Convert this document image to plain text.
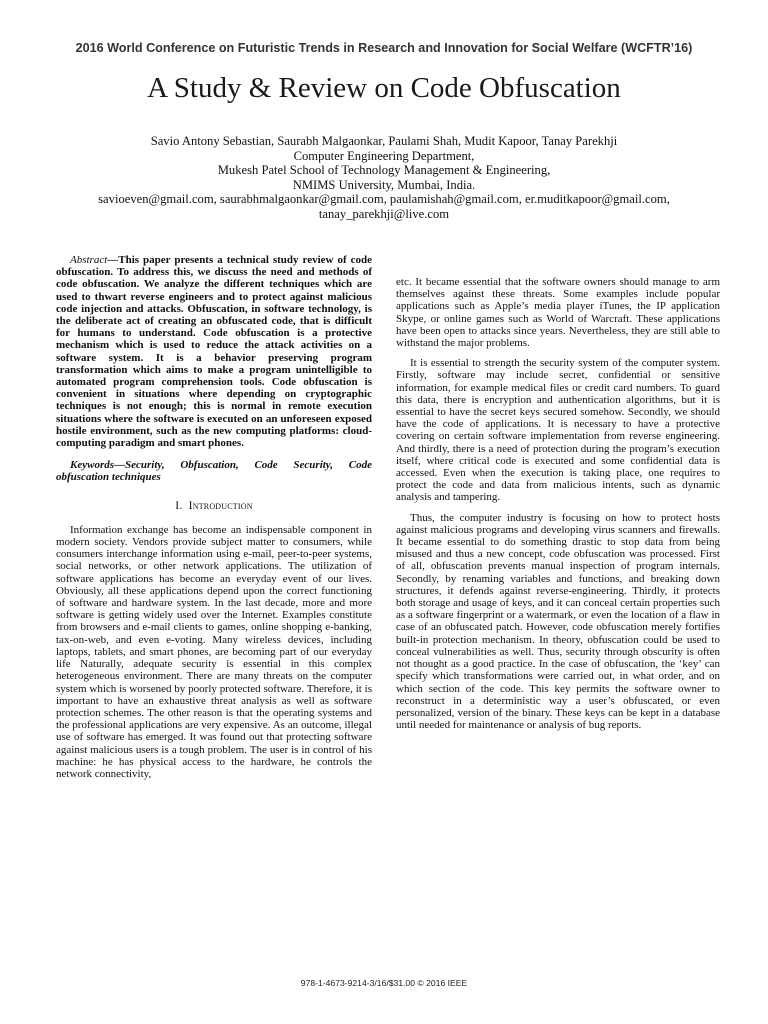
2016 World Conference on Futuristic Trends in Research and Innovation for Social Welfare (WCFTR’16)
A Study & Review on Code Obfuscation
Savio Antony Sebastian, Saurabh Malgaonkar, Paulami Shah, Mudit Kapoor, Tanay Parekhji
Computer Engineering Department,
Mukesh Patel School of Technology Management & Engineering,
NMIMS University, Mumbai, India.
savioeven@gmail.com, saurabhmalgaonkar@gmail.com, paulamishah@gmail.com, er.muditkapoor@gmail.com,
tanay_parekhji@live.com

Abstract—This paper presents a technical study review of code obfuscation. To address this, we discuss the need and methods of code obfuscation. We analyze the different techniques which are used to thwart reverse engineers and to protect against malicious code injection and attacks. Obfuscation, in software technology, is the deliberate act of creating an obfuscated code, that is difficult for humans to understand. Code obfuscation is a protective mechanism which is used to reduce the attack activities on a software system. It is a behavior preserving program transformation which aims to make a program unintelligible to automated program comprehension tools. Code obfuscation is convenient in situations where depending on cryptographic techniques is not enough; this is normal in remote execution situations where the software is executed on an unforeseen exposed hostile environment, such as the new computing platforms: cloud-computing paradigm and smart phones.

Keywords—Security, Obfuscation, Code Security, Code obfuscation techniques

I. Introduction

Information exchange has become an indispensable component in modern society. Vendors provide subject matter to consumers, while consumers interchange information using e-mail, peer-to-peer systems, social networks, or other network applications. The utilization of software applications has become an everyday event of our lives. Obviously, all these applications depend upon the correct functioning of software and hardware system. In the last decade, more and more software is getting widely used over the Internet. Examples constitute from browsers and e-mail clients to games, online shopping e-banking, tax-on-web, and even e-voting. Many wireless devices, including laptops, tablets, and smart phones, are becoming part of our everyday life Naturally, adequate security is essential in this complex heterogeneous environment. There are many threats on the computer system which is worsened by poorly protected software. Therefore, it is important to have an exhaustive threat analysis as well as software protection schemes. The other reason is that the operating systems and the professional applications are very expensive. As an outcome, illegal use of software has emerged. It was found out that protecting software against malicious users is a tough problem. The user is in control of his machine: he has physical access to the hardware, he controls the network connectivity,

etc. It became essential that the software owners should manage to arm themselves against these threats. Some examples include popular applications such as Apple’s media player iTunes, the IP application Skype, or online games such as World of Warcraft. These applications have been open to attacks since years. Nevertheless, they are still able to withstand the major problems.

It is essential to strength the security system of the computer system. Firstly, software may include secret, confidential or sensitive information, for example medical files or credit card numbers. To guard this data, there is encryption and authentication algorithms, but it is essential to have the secret keys secured somehow. Secondly, we should have the code of applications. It is necessary to have a protective covering on certain software implementation from reverse engineering. And thirdly, there is a need of protection during the program’s execution itself, where critical code is executed and some confidential data is accessed. Even when the execution is taking place, one requires to protect the code and data from malicious intents, such as dynamic analysis and tampering.

Thus, the computer industry is focusing on how to protect hosts against malicious programs and developing virus scanners and firewalls. It became essential to do something drastic to stop data from being misused and thus a new concept, code obfuscation was processed. First of all, obfuscation prevents manual inspection of program internals. Secondly, by renaming variables and functions, and breaking down structures, it defends against reverse-engineering. Thirdly, it protects both storage and usage of keys, and it can conceal certain properties such as a software fingerprint or a watermark, or even the location of a flaw in case of an obfuscated patch. However, code obfuscation merely fortifies built-in protection mechanism. In theory, obfuscation could be used to conceal vulnerabilities as well. Thus, security through obscurity is often not thought as a good practice. In the case of obfuscation, the ‘key’ can specify which transformations were carried out, in what order, and on which section of the code. This key permits the software owner to reconstruct in a deterministic way a user’s obfuscated, or even personalized, version of the binary. These keys can be kept in a database until needed for maintenance or analysis of bug reports.

978-1-4673-9214-3/16/$31.00 © 2016 IEEE
